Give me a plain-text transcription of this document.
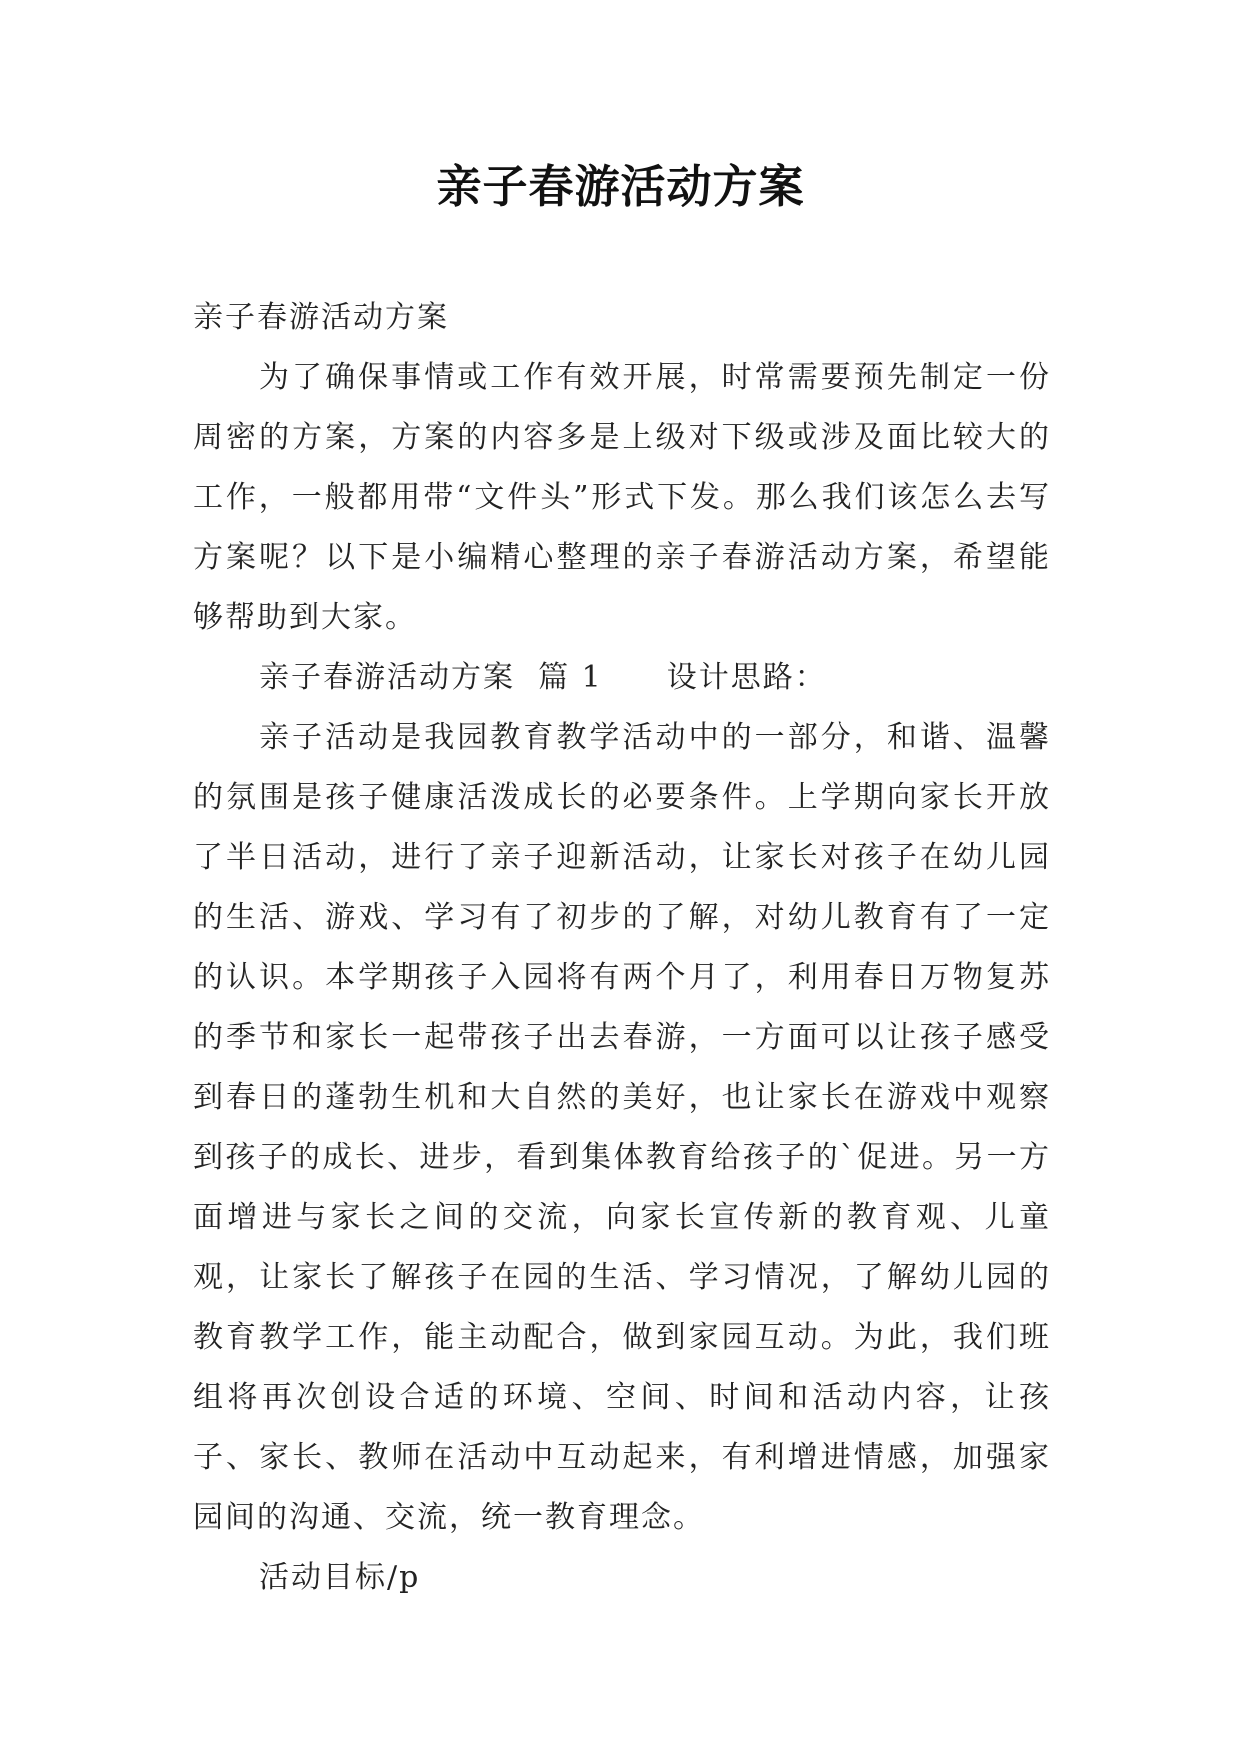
亲子春游活动方案

亲子春游活动方案

为了确保事情或工作有效开展，时常需要预先制定一份周密的方案，方案的内容多是上级对下级或涉及面比较大的工作，一般都用带“文件头”形式下发。那么我们该怎么去写方案呢？以下是小编精心整理的亲子春游活动方案，希望能够帮助到大家。

亲子春游活动方案  篇 1 设计思路：

亲子活动是我园教育教学活动中的一部分，和谐、温馨的氛围是孩子健康活泼成长的必要条件。上学期向家长开放了半日活动，进行了亲子迎新活动，让家长对孩子在幼儿园的生活、游戏、学习有了初步的了解，对幼儿教育有了一定的认识。本学期孩子入园将有两个月了，利用春日万物复苏的季节和家长一起带孩子出去春游，一方面可以让孩子感受到春日的蓬勃生机和大自然的美好，也让家长在游戏中观察到孩子的成长、进步，看到集体教育给孩子的`促进。另一方面增进与家长之间的交流，向家长宣传新的教育观、儿童观，让家长了解孩子在园的生活、学习情况，了解幼儿园的教育教学工作，能主动配合，做到家园互动。为此，我们班组将再次创设合适的环境、空间、时间和活动内容，让孩子、家长、教师在活动中互动起来，有利增进情感，加强家园间的沟通、交流，统一教育理念。

活动目标/p
